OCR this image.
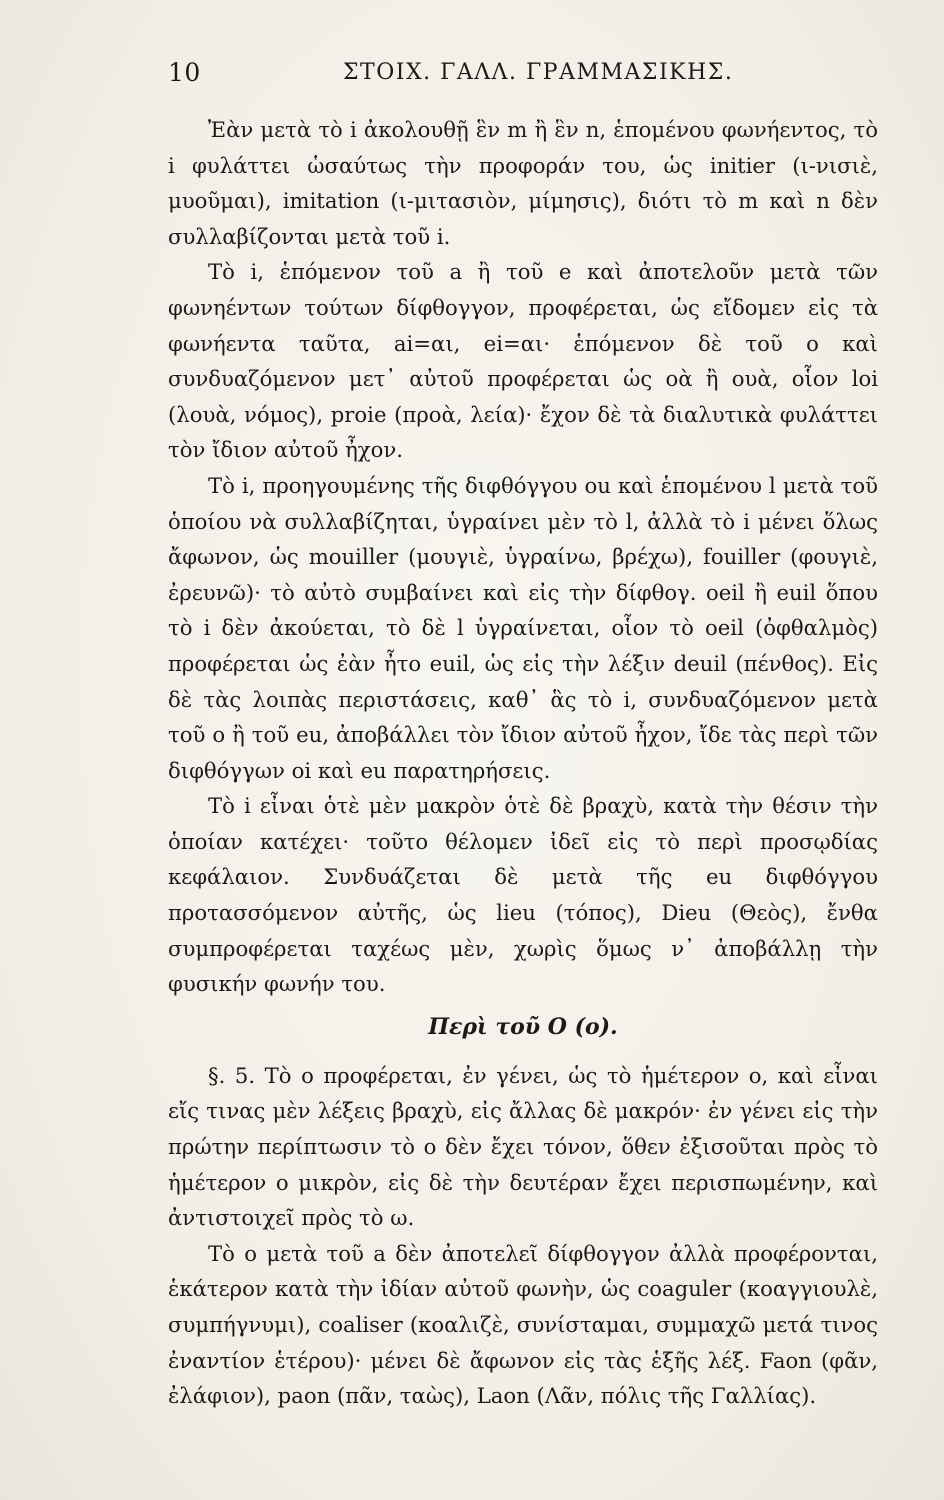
10	ΣΤΟΙΧ. ΓΑΛΛ. ΓΡΑΜΜΑΣΙΚΗΣ.

Ἐὰν μετὰ τὸ i ἀκολουθῇ ἓν m ἢ ἓν n, ἑπομένου φωνήεντος, τὸ i φυλάττει ὡσαύτως τὴν προφοράν του, ὡς initier (ι-νισιὲ, μυοῦμαι), imitation (ι-μιτασιὸν, μίμησις), διότι τὸ m καὶ n δὲν συλλαβίζονται μετὰ τοῦ i.

Τὸ i, ἑπόμενον τοῦ a ἢ τοῦ e καὶ ἀποτελοῦν μετὰ τῶν φωνηέντων τούτων δίφθογγον, προφέρεται, ὡς εἴδομεν εἰς τὰ φωνήεντα ταῦτα, ai=αι, ei=αι· ἑπόμενον δὲ τοῦ o καὶ συνδυαζόμενον μετ᾽ αὐτοῦ προφέρεται ὡς οὰ ἢ ουὰ, οἷον loi (λουὰ, νόμος), proie (προὰ, λεία)· ἔχον δὲ τὰ διαλυτικὰ φυλάττει τὸν ἴδιον αὐτοῦ ἦχον.

Τὸ i, προηγουμένης τῆς διφθόγγου ou καὶ ἑπομένου l μετὰ τοῦ ὁποίου νὰ συλλαβίζηται, ὑγραίνει μὲν τὸ l, ἀλλὰ τὸ i μένει ὅλως ἄφωνον, ὡς mouiller (μουγιὲ, ὑγραίνω, βρέχω), fouiller (φουγιὲ, ἐρευνῶ)· τὸ αὐτὸ συμβαίνει καὶ εἰς τὴν δίφθογ. oeil ἢ euil ὅπου τὸ i δὲν ἀκούεται, τὸ δὲ l ὑγραίνεται, οἷον τὸ oeil (ὀφθαλμὸς) προφέρεται ὡς ἐὰν ἦτο euil, ὡς εἰς τὴν λέξιν deuil (πένθος). Εἰς δὲ τὰς λοιπὰς περιστάσεις, καθ᾽ ἃς τὸ i, συνδυαζόμενον μετὰ τοῦ o ἢ τοῦ eu, ἀποβάλλει τὸν ἴδιον αὐτοῦ ἦχον, ἴδε τὰς περὶ τῶν διφθόγγων oi καὶ eu παρατηρήσεις.

Τὸ i εἶναι ὁτὲ μὲν μακρὸν ὁτὲ δὲ βραχὺ, κατὰ τὴν θέσιν τὴν ὁποίαν κατέχει· τοῦτο θέλομεν ἰδεῖ εἰς τὸ περὶ προσῳδίας κεφάλαιον. Συνδυάζεται δὲ μετὰ τῆς eu διφθόγγου προτασσόμενον αὐτῆς, ὡς lieu (τόπος), Dieu (Θεὸς), ἔνθα συμπροφέρεται ταχέως μὲν, χωρὶς ὅμως ν᾽ ἀποβάλλῃ τὴν φυσικήν φωνήν του.

Περὶ τοῦ O (ο).

§. 5. Τὸ o προφέρεται, ἐν γένει, ὡς τὸ ἡμέτερον ο, καὶ εἶναι εἴς τινας μὲν λέξεις βραχὺ, εἰς ἄλλας δὲ μακρόν· ἐν γένει εἰς τὴν πρώτην περίπτωσιν τὸ o δὲν ἔχει τόνον, ὅθεν ἐξισοῦται πρὸς τὸ ἡμέτερον o μικρὸν, εἰς δὲ τὴν δευτέραν ἔχει περισπωμένην, καὶ ἀντιστοιχεῖ πρὸς τὸ ω.

Τὸ o μετὰ τοῦ a δὲν ἀποτελεῖ δίφθογγον ἀλλὰ προφέρονται, ἑκάτερον κατὰ τὴν ἰδίαν αὐτοῦ φωνὴν, ὡς coaguler (κοαγγιουλὲ, συμπήγνυμι), coaliser (κοαλιζὲ, συνίσταμαι, συμμαχῶ μετά τινος ἐναντίον ἑτέρου)· μένει δὲ ἄφωνον εἰς τὰς ἑξῆς λέξ. Faon (φᾶν, ἐλάφιον), paon (πᾶν, ταὼς), Laon (Λᾶν, πόλις τῆς Γαλλίας).
